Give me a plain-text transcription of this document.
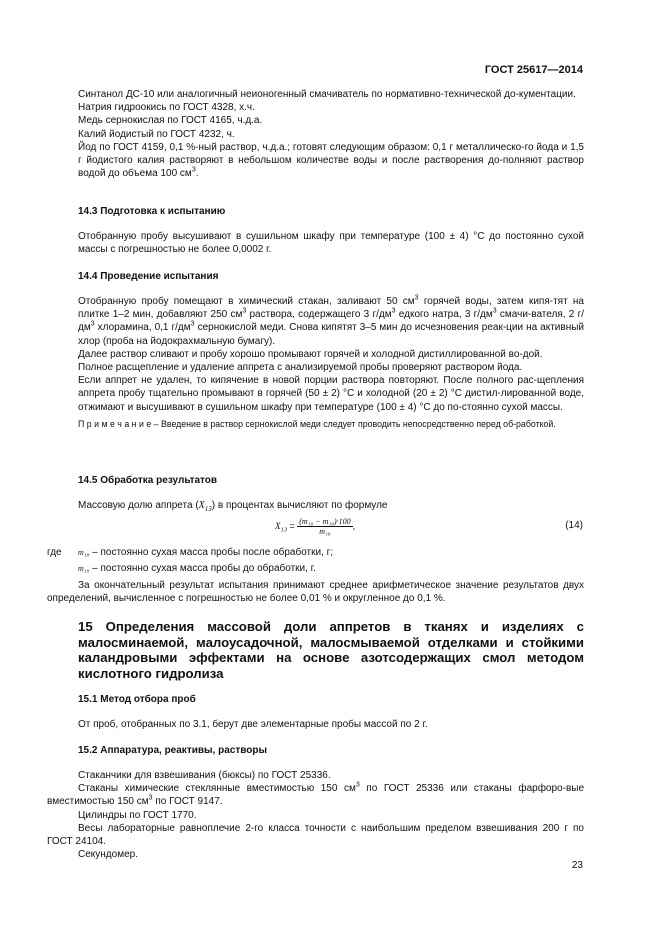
ГОСТ 25617—2014

Синтанол ДС-10 или аналогичный неионогенный смачиватель по нормативно-технической до-кументации.

Натрия гидроокись по ГОСТ 4328, х.ч.

Медь сернокислая по ГОСТ 4165, ч.д.а.

Калий йодистый по ГОСТ 4232, ч.

Йод по ГОСТ 4159, 0,1 %-ный раствор, ч.д.а.; готовят следующим образом: 0,1 г металлическо-го йода и 1,5 г йодистого калия растворяют в небольшом количестве воды и после растворения до-полняют раствор водой до объема 100 $см^3$.

14.3 Подготовка к испытанию

Отобранную пробу высушивают в сушильном шкафу при температуре (100 ± 4) °С до постоянно сухой массы с погрешностью не более 0,0002 г.

14.4 Проведение испытания

Отобранную пробу помещают в химический стакан, заливают 50 $см^3$ горячей воды, затем кипя-тят на плитке 1–2 мин, добавляют 250 $см^3$ раствора, содержащего 3 $г/дм^3$ едкого натра, 3 $г/дм^3$ смачи-вателя, 2 $г/дм^3$ хлорамина, 0,1 $г/дм^3$ сернокислой меди. Снова кипятят 3–5 мин до исчезновения реак-ции на активный хлор (проба на йодокрахмальную бумагу).

Далее раствор сливают и пробу хорошо промывают горячей и холодной дистиллированной во-дой.

Полное расщепление и удаление аппрета с анализируемой пробы проверяют раствором йода.

Если аппрет не удален, то кипячение в новой порции раствора повторяют. После полного рас-щепления аппрета пробу тщательно промывают в горячей (50 ± 2) °С и холодной (20 ± 2) °С дистил-лированной воде, отжимают и высушивают в сушильном шкафу при температуре (100 ± 4) °С до по-стоянно сухой массы.

П р и м е ч а н и е – Введение в раствор сернокислой меди следует проводить непосредственно перед об-работкой.

14.5 Обработка результатов

Массовую долю аппрета $(X_{13})$ в процентах вычисляют по формуле

$X_{13} = \frac{\text{(m₁₉ − m₁₈)·100}}{\text{m₁₈}}$ ,	(14)
где m₁₈ – постоянно сухая масса пробы после обработки, г;
m₁₉ – постоянно сухая масса пробы до обработки, г.
За окончательный результат испытания принимают среднее арифметическое значение результатов двух определений, вычисленное с погрешностью не более 0,01 % и округленное до 0,1 %.
15 Определения массовой доли аппретов в тканях и изделиях с малосминаемой, малоусадочной, малосмываемой отделками и стойкими каландровыми эффектами на основе азотсодержащих смол методом кислотного гидролиза

15.1 Метод отбора проб

От проб, отобранных по 3.1, берут две элементарные пробы массой по 2 г.

15.2 Аппаратура, реактивы, растворы

Стаканчики для взвешивания (бюксы) по ГОСТ 25336.

Стаканы химические стеклянные вместимостью 150 $см^3$ по ГОСТ 25336 или стаканы фарфоро-вые вместимостью 150 $см^3$ по ГОСТ 9147.

Цилиндры по ГОСТ 1770.

Весы лабораторные равноплечие 2-го класса точности с наибольшим пределом взвешивания 200 г по ГОСТ 24104.

Секундомер.

23
